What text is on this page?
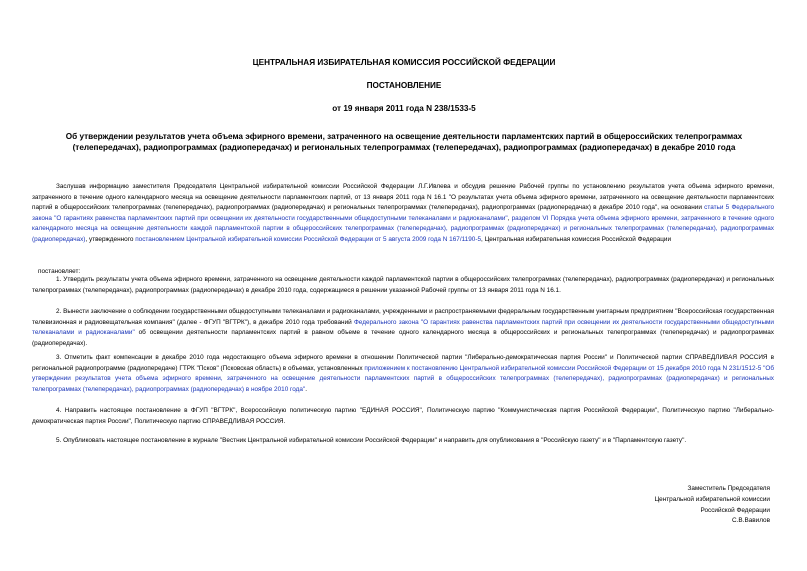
ЦЕНТРАЛЬНАЯ ИЗБИРАТЕЛЬНАЯ КОМИССИЯ РОССИЙСКОЙ ФЕДЕРАЦИИ
ПОСТАНОВЛЕНИЕ
от 19 января 2011 года N 238/1533-5
Об утверждении результатов учета объема эфирного времени, затраченного на освещение деятельности парламентских партий в общероссийских телепрограммах (телепередачах), радиопрограммах (радиопередачах) и региональных телепрограммах (телепередачах), радиопрограммах (радиопередачах) в декабре 2010 года
Заслушав информацию заместителя Председателя Центральной избирательной комиссии Российской Федерации Л.Г.Ивлева и обсудив решение Рабочей группы по установлению результатов учета объема эфирного времени, затраченного в течение одного календарного месяца на освещение деятельности парламентских партий, от 13 января 2011 года N 16.1 "О результатах учета объема эфирного времени, затраченного на освещение деятельности парламентских партий в общероссийских телепрограммах (телепередачах), радиопрограммах (радиопередачах) и региональных телепрограммах (телепередачах), радиопрограммах (радиопередачах) в декабре 2010 года", на основании статьи 5 Федерального закона "О гарантиях равенства парламентских партий при освещении их деятельности государственными общедоступными телеканалами и радиоканалами", разделом VI Порядка учета объема эфирного времени, затраченного в течение одного календарного месяца на освещение деятельности каждой парламентской партии в общероссийских телепрограммах (телепередачах), радиопрограммах (радиопередачах) и региональных телепрограммах (телепередачах), радиопрограммах (радиопередачах), утвержденного постановлением Центральной избирательной комиссии Российской Федерации от 5 августа 2009 года N 167/1190-5, Центральная избирательная комиссия Российской Федерации
постановляет:
1. Утвердить результаты учета объема эфирного времени, затраченного на освещение деятельности каждой парламентской партии в общероссийских телепрограммах (телепередачах), радиопрограммах (радиопередачах) и региональных телепрограммах (телепередачах), радиопрограммах (радиопередачах) в декабре 2010 года, содержащиеся в решении указанной Рабочей группы от 13 января 2011 года N 16.1.
2. Вынести заключение о соблюдении государственными общедоступными телеканалами и радиоканалами, учрежденными и распространяемыми федеральным государственным унитарным предприятием "Всероссийская государственная телевизионная и радиовещательная компания" (далее - ФГУП "ВГТРК"), в декабре 2010 года требований Федерального закона "О гарантиях равенства парламентских партий при освещении их деятельности государственными общедоступными телеканалами и радиоканалами" об освещении деятельности парламентских партий в равном объеме в течение одного календарного месяца в общероссийских и региональных телепрограммах (телепередачах) и радиопрограммах (радиопередачах).
3. Отметить факт компенсации в декабре 2010 года недостающего объема эфирного времени в отношении Политической партии "Либерально-демократическая партия России" и Политической партии СПРАВЕДЛИВАЯ РОССИЯ в региональной радиопрограмме (радиопередаче) ГТРК "Псков" (Псковская область) в объемах, установленных приложением к постановлению Центральной избирательной комиссии Российской Федерации от 15 декабря 2010 года N 231/1512-5 "Об утверждении результатов учета объема эфирного времени, затраченного на освещение деятельности парламентских партий в общероссийских телепрограммах (телепередачах), радиопрограммах (радиопередачах) и региональных телепрограммах (телепередачах), радиопрограммах (радиопередачах) в ноябре 2010 года".
4. Направить настоящее постановление в ФГУП "ВГТРК", Всероссийскую политическую партию "ЕДИНАЯ РОССИЯ", Политическую партию "Коммунистическая партия Российской Федерации", Политическую партию "Либерально-демократическая партия России", Политическую партию СПРАВЕДЛИВАЯ РОССИЯ.
5. Опубликовать настоящее постановление в журнале "Вестник Центральной избирательной комиссии Российской Федерации" и направить для опубликования в "Российскую газету" и в "Парламентскую газету".
Заместитель Председателя
Центральной избирательной комиссии
Российской Федерации
С.В.Вавилов
